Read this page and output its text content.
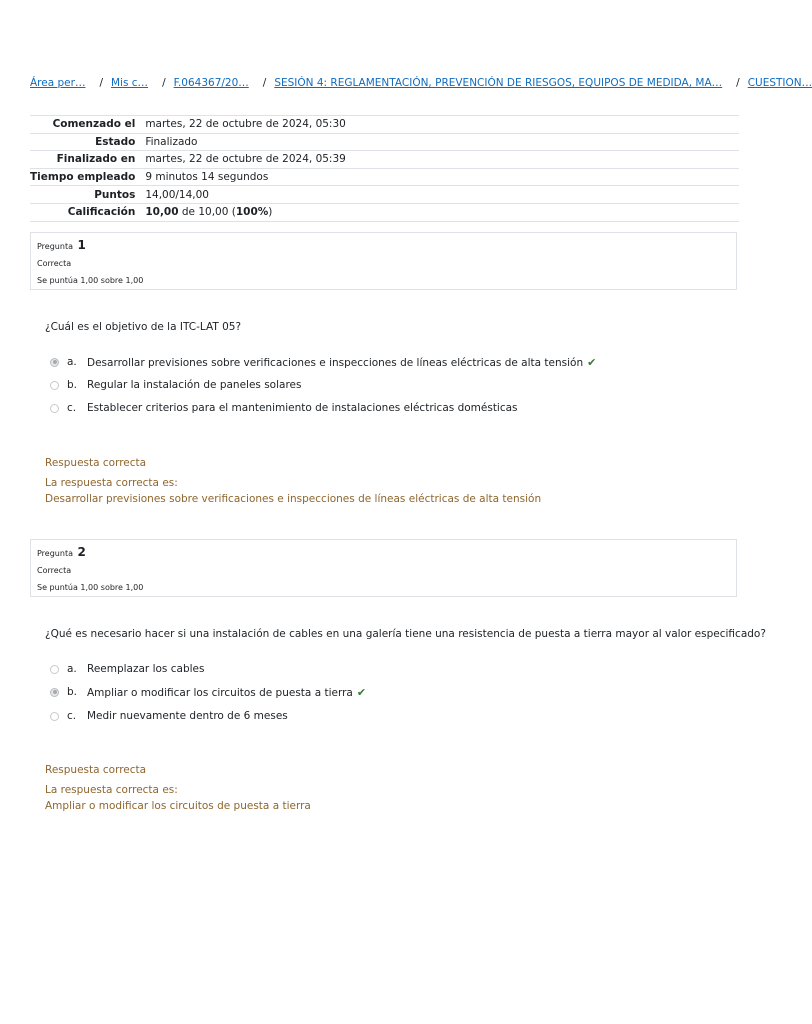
Área per… / Mis c… / F.064367/20… / SESIÓN 4: REGLAMENTACIÓN, PREVENCIÓN DE RIESGOS, EQUIPOS DE MEDIDA, MA… / CUESTION…
Comenzado el	martes, 22 de octubre de 2024, 05:30
Estado	Finalizado
Finalizado en	martes, 22 de octubre de 2024, 05:39
Tiempo empleado	9 minutos 14 segundos
Puntos	14,00/14,00
Calificación	10,00 de 10,00 (100%)
Pregunta 1
Correcta
Se puntúa 1,00 sobre 1,00
¿Cuál es el objetivo de la ITC-LAT 05?
a. Desarrollar previsiones sobre verificaciones e inspecciones de líneas eléctricas de alta tensión ✔
b. Regular la instalación de paneles solares
c. Establecer criterios para el mantenimiento de instalaciones eléctricas domésticas
Respuesta correcta
La respuesta correcta es:
Desarrollar previsiones sobre verificaciones e inspecciones de líneas eléctricas de alta tensión
Pregunta 2
Correcta
Se puntúa 1,00 sobre 1,00
¿Qué es necesario hacer si una instalación de cables en una galería tiene una resistencia de puesta a tierra mayor al valor especificado?
a. Reemplazar los cables
b. Ampliar o modificar los circuitos de puesta a tierra ✔
c. Medir nuevamente dentro de 6 meses
Respuesta correcta
La respuesta correcta es:
Ampliar o modificar los circuitos de puesta a tierra
